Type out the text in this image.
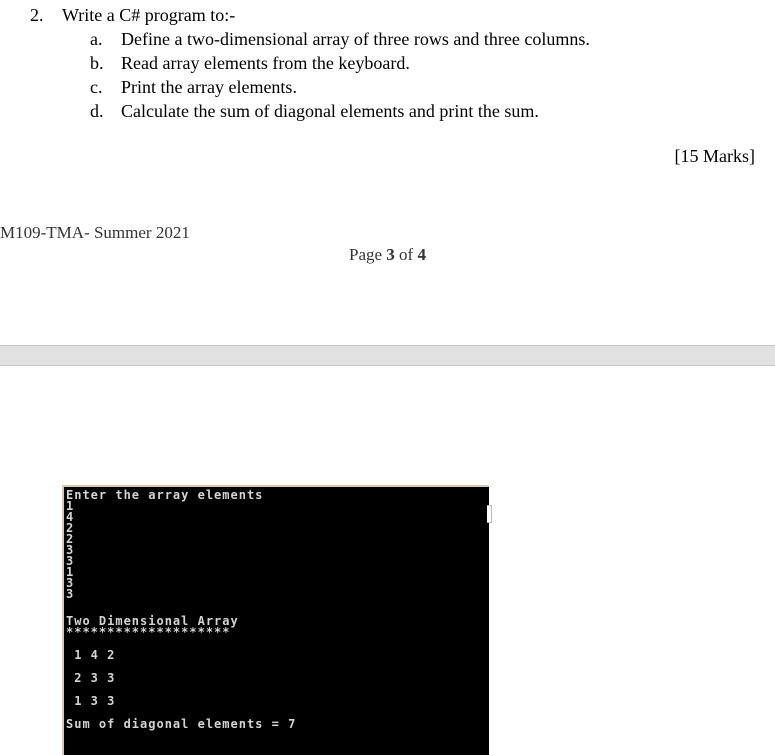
2. Write a C# program to:-
a. Define a two-dimensional array of three rows and three columns.
b. Read array elements from the keyboard.
c. Print the array elements.
d. Calculate the sum of diagonal elements and print the sum.
[15 Marks]
M109-TMA- Summer 2021
Page 3 of 4
Enter the array elements
1
4
2
2
3
3
1
3
3
Two Dimensional Array
********************
1 4 2
2 3 3
1 3 3
Sum of diagonal elements = 7
